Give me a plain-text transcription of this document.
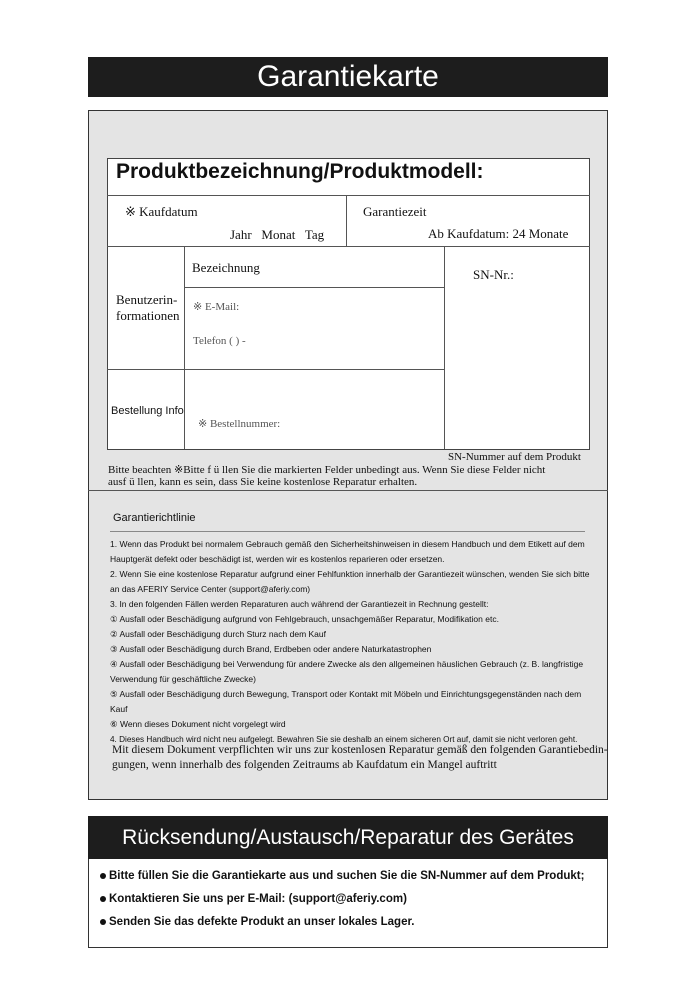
Garantiekarte
Produktbezeichnung/Produktmodell:
※ Kaufdatum
Jahr   Monat   Tag
Garantiezeit
Ab Kaufdatum: 24 Monate
Benutzerin-
formationen
Bezeichnung
※ E-Mail:
Telefon ( ) -
SN-Nr.:
Bestellung Info
※ Bestellnummer:
SN-Nummer auf dem Produkt
Bitte beachten ※Bitte f ü llen Sie die markierten Felder unbedingt aus. Wenn Sie diese Felder nicht
ausf ü llen, kann es sein, dass Sie keine kostenlose Reparatur erhalten.
Garantierichtlinie
1. Wenn das Produkt bei normalem Gebrauch gemäß den Sicherheitshinweisen in diesem Handbuch und dem Etikett auf dem
Hauptgerät defekt oder beschädigt ist, werden wir es kostenlos reparieren oder ersetzen.
2. Wenn Sie eine kostenlose Reparatur aufgrund einer Fehlfunktion innerhalb der Garantiezeit wünschen, wenden Sie sich bitte
an das AFERIY Service Center (support@aferiy.com)
3. In den folgenden Fällen werden Reparaturen auch während der Garantiezeit in Rechnung gestellt:
① Ausfall oder Beschädigung aufgrund von Fehlgebrauch, unsachgemäßer Reparatur, Modifikation etc.
② Ausfall oder Beschädigung durch Sturz nach dem Kauf
③ Ausfall oder Beschädigung durch Brand, Erdbeben oder andere Naturkatastrophen
④ Ausfall oder Beschädigung bei Verwendung für andere Zwecke als den allgemeinen häuslichen Gebrauch (z. B. langfristige
Verwendung für geschäftliche Zwecke)
⑤ Ausfall oder Beschädigung durch Bewegung, Transport oder Kontakt mit Möbeln und Einrichtungsgegenständen nach dem
Kauf
⑥ Wenn dieses Dokument nicht vorgelegt wird
4. Dieses Handbuch wird nicht neu aufgelegt. Bewahren Sie sie deshalb an einem sicheren Ort auf, damit sie nicht verloren geht.
Mit diesem Dokument verpflichten wir uns zur kostenlosen Reparatur gemäß den folgenden Garantiebedin-
gungen, wenn innerhalb des folgenden Zeitraums ab Kaufdatum ein Mangel auftritt
Rücksendung/Austausch/Reparatur des Gerätes
Bitte füllen Sie die Garantiekarte aus und suchen Sie die SN-Nummer auf dem Produkt;
Kontaktieren Sie uns per E-Mail: (support@aferiy.com)
Senden Sie das defekte Produkt an unser lokales Lager.
